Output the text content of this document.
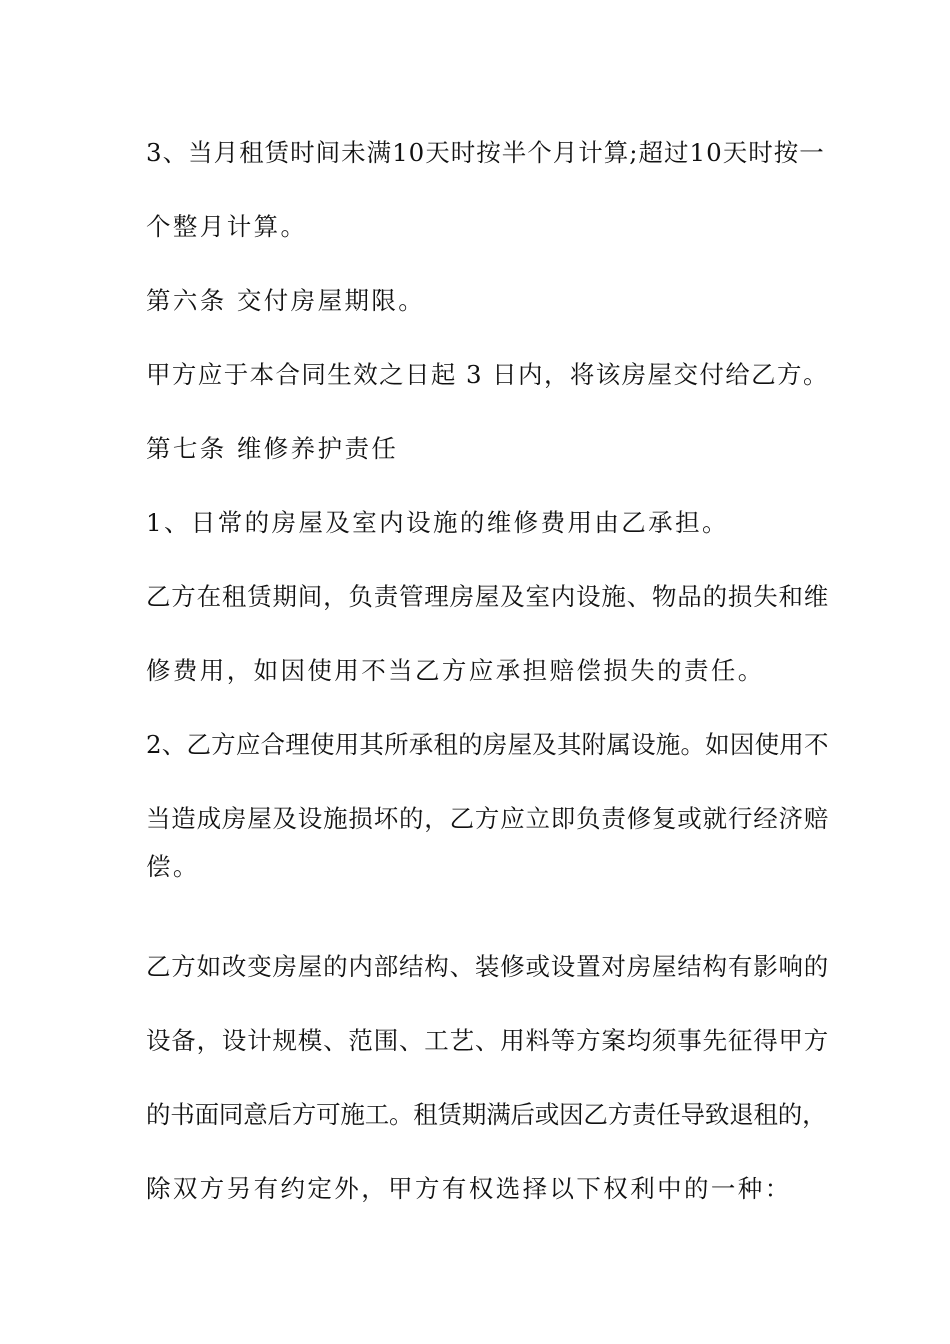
3、当月租赁时间未满10天时按半个月计算;超过10天时按一
个整月计算。
第六条 交付房屋期限。
甲方应于本合同生效之日起 3 日内，将该房屋交付给乙方。
第七条 维修养护责任
1、日常的房屋及室内设施的维修费用由乙承担。
乙方在租赁期间，负责管理房屋及室内设施、物品的损失和维
修费用，如因使用不当乙方应承担赔偿损失的责任。
2、乙方应合理使用其所承租的房屋及其附属设施。如因使用不
当造成房屋及设施损坏的，乙方应立即负责修复或就行经济赔
偿。
乙方如改变房屋的内部结构、装修或设置对房屋结构有影响的
设备，设计规模、范围、工艺、用料等方案均须事先征得甲方
的书面同意后方可施工。租赁期满后或因乙方责任导致退租的，
除双方另有约定外，甲方有权选择以下权利中的一种：
